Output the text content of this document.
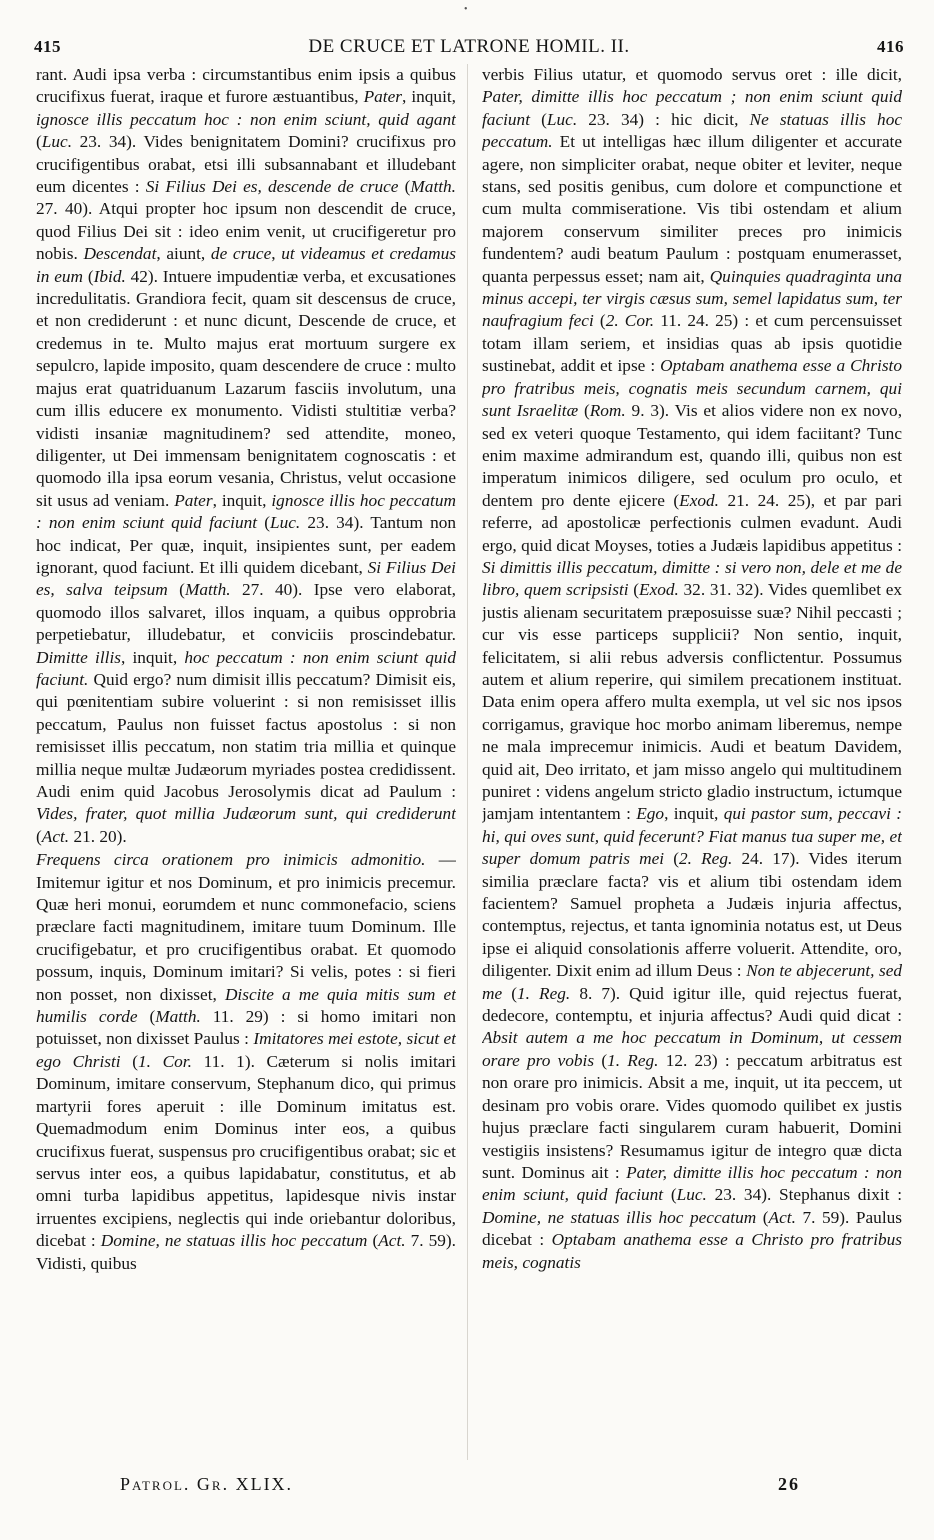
•
415	DE CRUCE ET LATRONE HOMIL. II.	416

rant. Audi ipsa verba : circumstantibus enim ipsis a quibus crucifixus fuerat, iraque et furore æstuantibus, Pater, inquit, ignosce illis peccatum hoc : non enim sciunt, quid agant (Luc. 23. 34). Vides benignitatem Domini? crucifixus pro crucifigentibus orabat, etsi illi subsannabant et illudebant eum dicentes : Si Filius Dei es, descende de cruce (Matth. 27. 40). Atqui propter hoc ipsum non descendit de cruce, quod Filius Dei sit : ideo enim venit, ut crucifigeretur pro nobis. Descendat, aiunt, de cruce, ut videamus et credamus in eum (Ibid. 42). Intuere impudentiæ verba, et excusationes incredulitatis. Grandiora fecit, quam sit descensus de cruce, et non crediderunt : et nunc dicunt, Descende de cruce, et credemus in te. Multo majus erat mortuum surgere ex sepulcro, lapide imposito, quam descendere de cruce : multo majus erat quatriduanum Lazarum fasciis involutum, una cum illis educere ex monumento. Vidisti stultitiæ verba? vidisti insaniæ magnitudinem? sed attendite, moneo, diligenter, ut Dei immensam benignitatem cognoscatis : et quomodo illa ipsa eorum vesania, Christus, velut occasione sit usus ad veniam. Pater, inquit, ignosce illis hoc peccatum : non enim sciunt quid faciunt (Luc. 23. 34). Tantum non hoc indicat, Per quæ, inquit, insipientes sunt, per eadem ignorant, quod faciunt. Et illi quidem dicebant, Si Filius Dei es, salva teipsum (Matth. 27. 40). Ipse vero elaborat, quomodo illos salvaret, illos inquam, a quibus opprobria perpetiebatur, illudebatur, et conviciis proscindebatur. Dimitte illis, inquit, hoc peccatum : non enim sciunt quid faciunt. Quid ergo? num dimisit illis peccatum? Dimisit eis, qui pœnitentiam subire voluerint : si non remisisset illis peccatum, Paulus non fuisset factus apostolus : si non remisisset illis peccatum, non statim tria millia et quinque millia neque multæ Judæorum myriades postea credidissent. Audi enim quid Jacobus Jerosolymis dicat ad Paulum : Vides, frater, quot millia Judæorum sunt, qui crediderunt (Act. 21. 20).

Frequens circa orationem pro inimicis admonitio. — Imitemur igitur et nos Dominum, et pro inimicis precemur. Quæ heri monui, eorumdem et nunc commonefacio, sciens præclare facti magnitudinem, imitare tuum Dominum. Ille crucifigebatur, et pro crucifigentibus orabat. Et quomodo possum, inquis, Dominum imitari? Si velis, potes : si fieri non posset, non dixisset, Discite a me quia mitis sum et humilis corde (Matth. 11. 29) : si homo imitari non potuisset, non dixisset Paulus : Imitatores mei estote, sicut et ego Christi (1. Cor. 11. 1). Cæterum si nolis imitari Dominum, imitare conservum, Stephanum dico, qui primus martyrii fores aperuit : ille Dominum imitatus est. Quemadmodum enim Dominus inter eos, a quibus crucifixus fuerat, suspensus pro crucifigentibus orabat; sic et servus inter eos, a quibus lapidabatur, constitutus, et ab omni turba lapidibus appetitus, lapidesque nivis instar irruentes excipiens, neglectis qui inde oriebantur doloribus, dicebat : Domine, ne statuas illis hoc peccatum (Act. 7. 59). Vidisti, quibus

verbis Filius utatur, et quomodo servus oret : ille dicit, Pater, dimitte illis hoc peccatum ; non enim sciunt quid faciunt (Luc. 23. 34) : hic dicit, Ne statuas illis hoc peccatum. Et ut intelligas hæc illum diligenter et accurate agere, non simpliciter orabat, neque obiter et leviter, neque stans, sed positis genibus, cum dolore et compunctione et cum multa commiseratione. Vis tibi ostendam et alium majorem conservum similiter preces pro inimicis fundentem? audi beatum Paulum : postquam enumerasset, quanta perpessus esset; nam ait, Quinquies quadraginta una minus accepi, ter virgis cæsus sum, semel lapidatus sum, ter naufragium feci (2. Cor. 11. 24. 25) : et cum percensuisset totam illam seriem, et insidias quas ab ipsis quotidie sustinebat, addit et ipse : Optabam anathema esse a Christo pro fratribus meis, cognatis meis secundum carnem, qui sunt Israelitæ (Rom. 9. 3). Vis et alios videre non ex novo, sed ex veteri quoque Testamento, qui idem faciitant? Tunc enim maxime admirandum est, quando illi, quibus non est imperatum inimicos diligere, sed oculum pro oculo, et dentem pro dente ejicere (Exod. 21. 24. 25), et par pari referre, ad apostolicæ perfectionis culmen evadunt. Audi ergo, quid dicat Moyses, toties a Judæis lapidibus appetitus : Si dimittis illis peccatum, dimitte : si vero non, dele et me de libro, quem scripsisti (Exod. 32. 31. 32). Vides quemlibet ex justis alienam securitatem præposuisse suæ? Nihil peccasti ; cur vis esse particeps supplicii? Non sentio, inquit, felicitatem, si alii rebus adversis conflictentur. Possumus autem et alium reperire, qui similem precationem instituat. Data enim opera affero multa exempla, ut vel sic nos ipsos corrigamus, gravique hoc morbo animam liberemus, nempe ne mala imprecemur inimicis. Audi et beatum Davidem, quid ait, Deo irritato, et jam misso angelo qui multitudinem puniret : videns angelum stricto gladio instructum, ictumque jamjam intentantem : Ego, inquit, qui pastor sum, peccavi : hi, qui oves sunt, quid fecerunt? Fiat manus tua super me, et super domum patris mei (2. Reg. 24. 17). Vides iterum similia præclare facta? vis et alium tibi ostendam idem facientem? Samuel propheta a Judæis injuria affectus, contemptus, rejectus, et tanta ignominia notatus est, ut Deus ipse ei aliquid consolationis afferre voluerit. Attendite, oro, diligenter. Dixit enim ad illum Deus : Non te abjecerunt, sed me (1. Reg. 8. 7). Quid igitur ille, quid rejectus fuerat, dedecore, contemptu, et injuria affectus? Audi quid dicat : Absit autem a me hoc peccatum in Dominum, ut cessem orare pro vobis (1. Reg. 12. 23) : peccatum arbitratus est non orare pro inimicis. Absit a me, inquit, ut ita peccem, ut desinam pro vobis orare. Vides quomodo quilibet ex justis hujus præclare facti singularem curam habuerit, Domini vestigiis insistens? Resumamus igitur de integro quæ dicta sunt. Dominus ait : Pater, dimitte illis hoc peccatum : non enim sciunt, quid faciunt (Luc. 23. 34). Stephanus dixit : Domine, ne statuas illis hoc peccatum (Act. 7. 59). Paulus dicebat : Optabam anathema esse a Christo pro fratribus meis, cognatis

Patrol. Gr. XLIX.	26
